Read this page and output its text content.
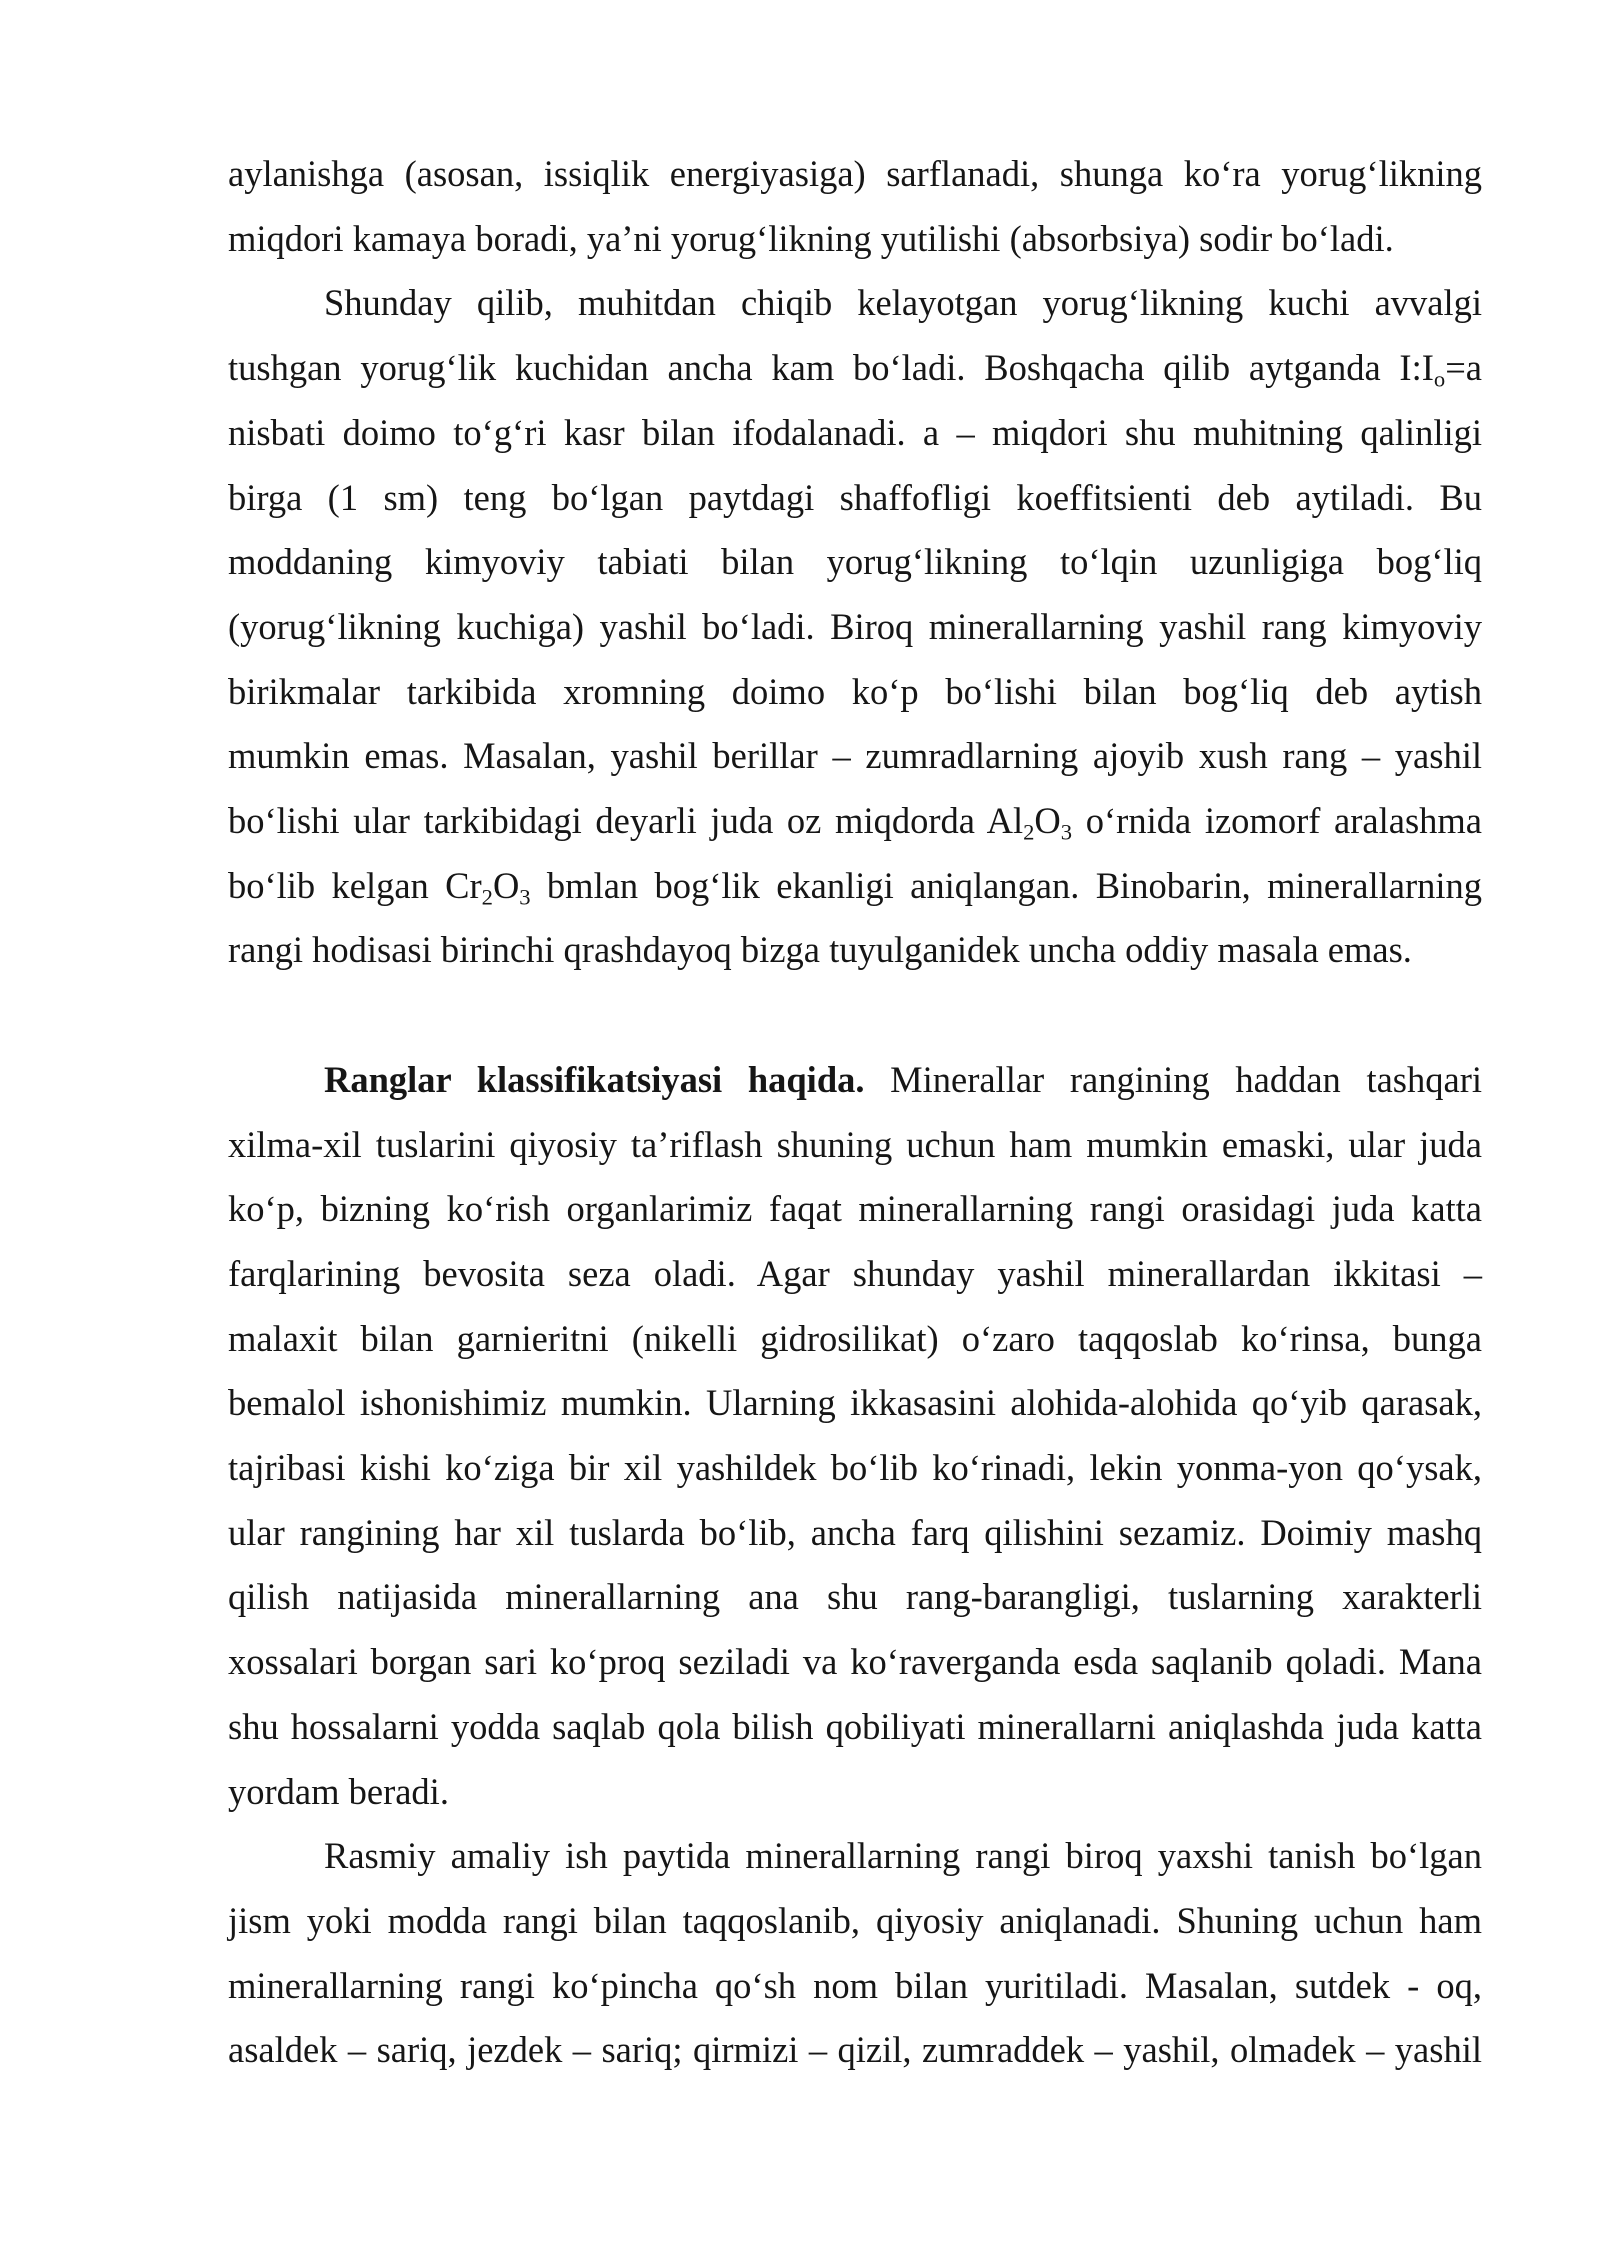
aylanishga (asosan, issiqlik energiyasiga) sarflanadi, shunga ko‘ra yorug‘likning
miqdori kamaya boradi, ya’ni yorug‘likning yutilishi (absorbsiya) sodir bo‘ladi.
Shunday qilib, muhitdan chiqib kelayotgan yorug‘likning kuchi avvalgi
tushgan yorug‘lik kuchidan ancha kam bo‘ladi. Boshqacha qilib aytganda $I:I_o=a$
nisbati doimo to‘g‘ri kasr bilan ifodalanadi. a – miqdori shu muhitning qalinligi
birga (1 sm) teng bo‘lgan paytdagi shaffofligi koeffitsienti deb aytiladi. Bu
moddaning kimyoviy tabiati bilan yorug‘likning to‘lqin uzunligiga bog‘liq
(yorug‘likning kuchiga) yashil bo‘ladi. Biroq minerallarning yashil rang kimyoviy
birikmalar tarkibida xromning doimo ko‘p bo‘lishi bilan bog‘liq deb aytish
mumkin emas. Masalan, yashil berillar – zumradlarning ajoyib xush rang – yashil
bo‘lishi ular tarkibidagi deyarli juda oz miqdorda $Al_2O_3$ o‘rnida izomorf aralashma
bo‘lib kelgan $Cr_2O_3$ bmlan bog‘lik ekanligi aniqlangan. Binobarin, minerallarning
rangi hodisasi birinchi qrashdayoq bizga tuyulganidek uncha oddiy masala emas.
Ranglar klassifikatsiyasi haqida. Minerallar rangining haddan tashqari
xilma-xil tuslarini qiyosiy ta’riflash shuning uchun ham mumkin emaski, ular juda
ko‘p, bizning ko‘rish organlarimiz faqat minerallarning rangi orasidagi juda katta
farqlarining bevosita seza oladi. Agar shunday yashil minerallardan ikkitasi –
malaxit bilan garnieritni (nikelli gidrosilikat) o‘zaro taqqoslab ko‘rinsa, bunga
bemalol ishonishimiz mumkin. Ularning ikkasasini alohida-alohida qo‘yib qarasak,
tajribasi kishi ko‘ziga bir xil yashildek bo‘lib ko‘rinadi, lekin yonma-yon qo‘ysak,
ular rangining har xil tuslarda bo‘lib, ancha farq qilishini sezamiz. Doimiy mashq
qilish natijasida minerallarning ana shu rang-barangligi, tuslarning xarakterli
xossalari borgan sari ko‘proq seziladi va ko‘raverganda esda saqlanib qoladi. Mana
shu hossalarni yodda saqlab qola bilish qobiliyati minerallarni aniqlashda juda katta
yordam beradi.
Rasmiy amaliy ish paytida minerallarning rangi biroq yaxshi tanish bo‘lgan
jism yoki modda rangi bilan taqqoslanib, qiyosiy aniqlanadi. Shuning uchun ham
minerallarning rangi ko‘pincha qo‘sh nom bilan yuritiladi. Masalan, sutdek - oq,
asaldek – sariq, jezdek – sariq; qirmizi – qizil, zumraddek – yashil, olmadek – yashil
